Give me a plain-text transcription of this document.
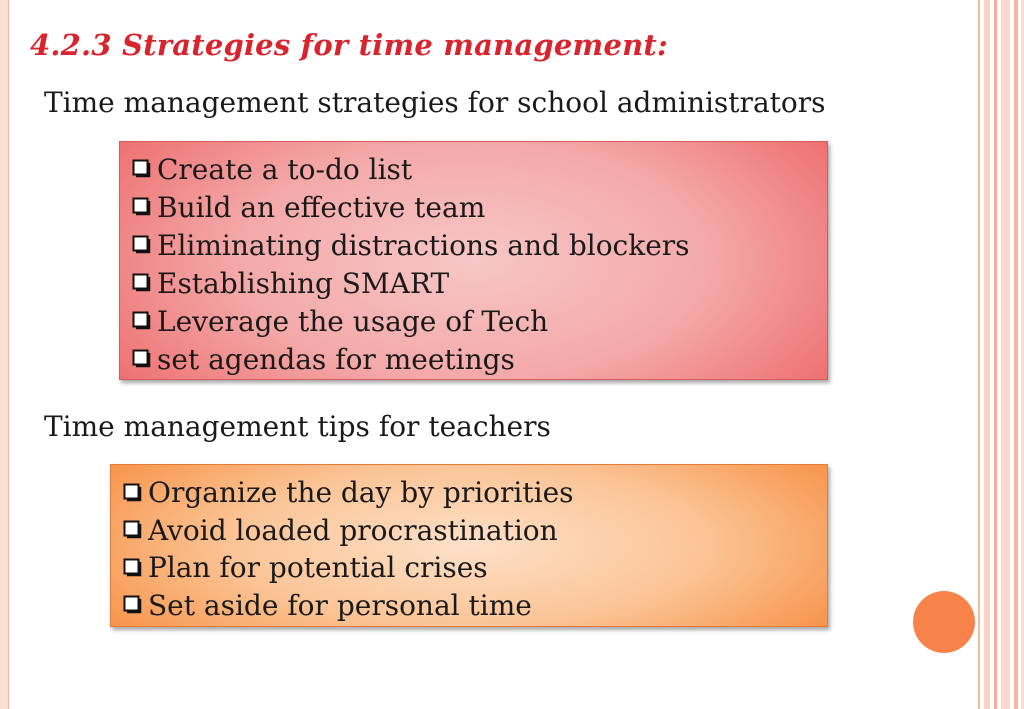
4.2.3 Strategies for time management:
Time management strategies for school administrators
Create a to-do list
Build an effective team
Eliminating distractions and blockers
Establishing SMART
Leverage the usage of Tech
set agendas for meetings
Time management tips for teachers
Organize the day by priorities
Avoid loaded procrastination
Plan for potential crises
Set aside for personal time
